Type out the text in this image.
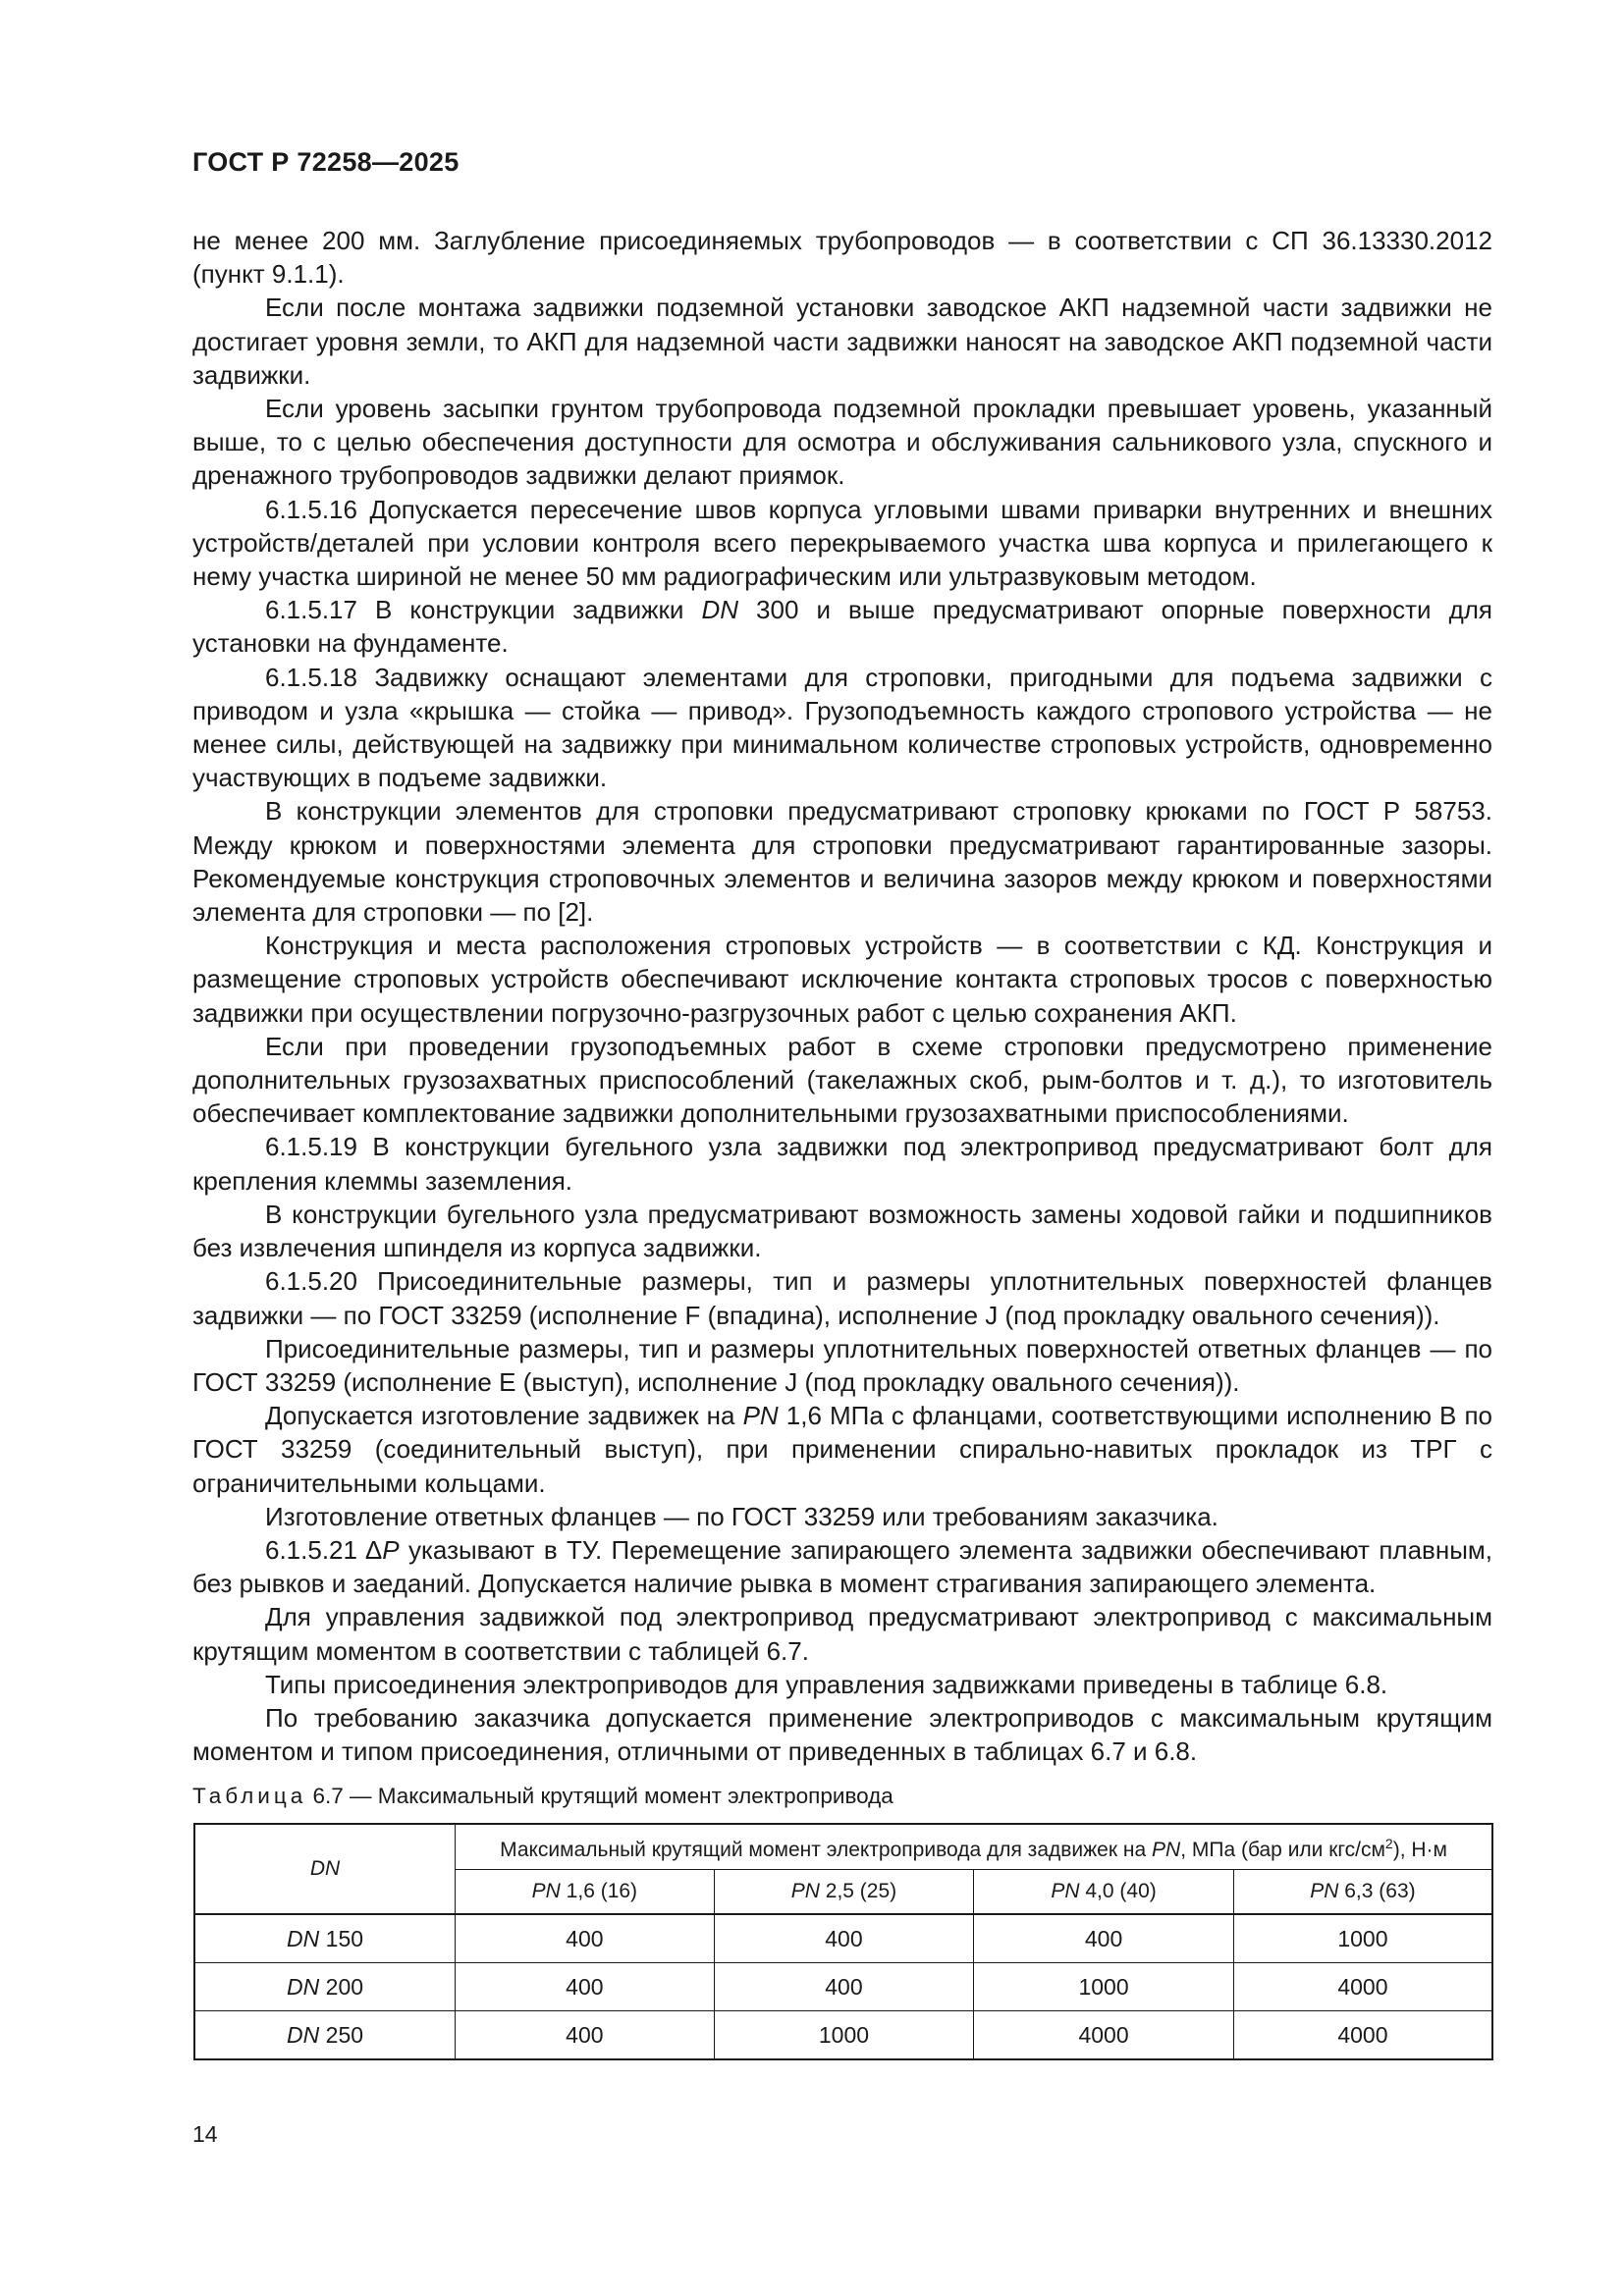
ГОСТ Р 72258—2025

не менее 200 мм. Заглубление присоединяемых трубопроводов — в соответствии с СП 36.13330.2012 (пункт 9.1.1).

Если после монтажа задвижки подземной установки заводское АКП надземной части задвижки не достигает уровня земли, то АКП для надземной части задвижки наносят на заводское АКП подземной части задвижки.

Если уровень засыпки грунтом трубопровода подземной прокладки превышает уровень, указанный выше, то с целью обеспечения доступности для осмотра и обслуживания сальникового узла, спускного и дренажного трубопроводов задвижки делают приямок.

6.1.5.16 Допускается пересечение швов корпуса угловыми швами приварки внутренних и внешних устройств/деталей при условии контроля всего перекрываемого участка шва корпуса и прилегающего к нему участка шириной не менее 50 мм радиографическим или ультразвуковым методом.

6.1.5.17 В конструкции задвижки DN 300 и выше предусматривают опорные поверхности для установки на фундаменте.

6.1.5.18 Задвижку оснащают элементами для строповки, пригодными для подъема задвижки с приводом и узла «крышка — стойка — привод». Грузоподъемность каждого стропового устройства — не менее силы, действующей на задвижку при минимальном количестве строповых устройств, одновременно участвующих в подъеме задвижки.

В конструкции элементов для строповки предусматривают строповку крюками по ГОСТ Р 58753. Между крюком и поверхностями элемента для строповки предусматривают гарантированные зазоры. Рекомендуемые конструкция строповочных элементов и величина зазоров между крюком и поверхностями элемента для строповки — по [2].

Конструкция и места расположения строповых устройств — в соответствии с КД. Конструкция и размещение строповых устройств обеспечивают исключение контакта строповых тросов с поверхностью задвижки при осуществлении погрузочно-разгрузочных работ с целью сохранения АКП.

Если при проведении грузоподъемных работ в схеме строповки предусмотрено применение дополнительных грузозахватных приспособлений (такелажных скоб, рым-болтов и т. д.), то изготовитель обеспечивает комплектование задвижки дополнительными грузозахватными приспособлениями.

6.1.5.19 В конструкции бугельного узла задвижки под электропривод предусматривают болт для крепления клеммы заземления.

В конструкции бугельного узла предусматривают возможность замены ходовой гайки и подшипников без извлечения шпинделя из корпуса задвижки.

6.1.5.20 Присоединительные размеры, тип и размеры уплотнительных поверхностей фланцев задвижки — по ГОСТ 33259 (исполнение F (впадина), исполнение J (под прокладку овального сечения)).

Присоединительные размеры, тип и размеры уплотнительных поверхностей ответных фланцев — по ГОСТ 33259 (исполнение E (выступ), исполнение J (под прокладку овального сечения)).

Допускается изготовление задвижек на PN 1,6 МПа с фланцами, соответствующими исполнению B по ГОСТ 33259 (соединительный выступ), при применении спирально-навитых прокладок из ТРГ с ограничительными кольцами.

Изготовление ответных фланцев — по ГОСТ 33259 или требованиям заказчика.

6.1.5.21 ΔP указывают в ТУ. Перемещение запирающего элемента задвижки обеспечивают плавным, без рывков и заеданий. Допускается наличие рывка в момент страгивания запирающего элемента.

Для управления задвижкой под электропривод предусматривают электропривод с максимальным крутящим моментом в соответствии с таблицей 6.7.

Типы присоединения электроприводов для управления задвижками приведены в таблице 6.8.

По требованию заказчика допускается применение электроприводов с максимальным крутящим моментом и типом присоединения, отличными от приведенных в таблицах 6.7 и 6.8.

Таблица 6.7 — Максимальный крутящий момент электропривода
DN	Максимальный крутящий момент электропривода для задвижек на PN, МПа (бар или кгс/$см^2$), Н·м			
	PN 1,6 (16)	PN 2,5 (25)	PN 4,0 (40)	PN 6,3 (63)
DN 150	400	400	400	1000
DN 200	400	400	1000	4000
DN 250	400	1000	4000	4000
14
